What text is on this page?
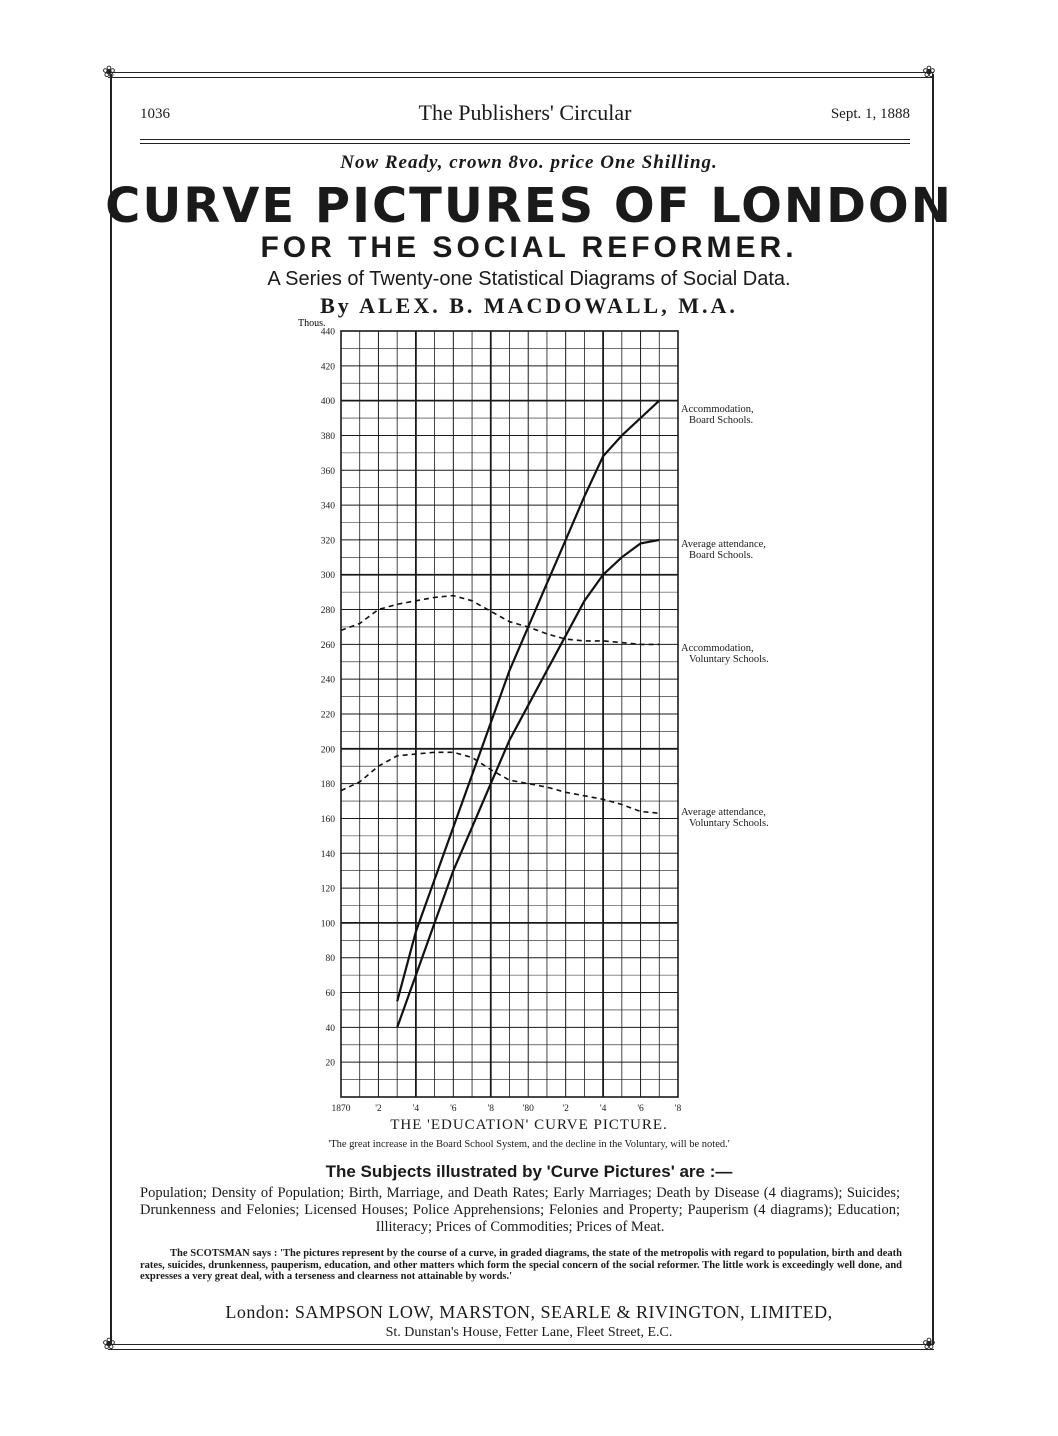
❀	❀
❀	❀
1036	The Publishers' Circular	Sept. 1, 1888
Now Ready, crown 8vo. price One Shilling.
CURVE PICTURES OF LONDON
FOR THE SOCIAL REFORMER.
A Series of Twenty-one Statistical Diagrams of Social Data.
By ALEX. B. MACDOWALL, M.A.
20
40
60
80
100
120
140
160
180
200
220
240
260
280
300
320
340
360
380
400
420
440
1870	'2	'4	'6	'8	'80	'2	'4	'6	'8
Thous.
Accommodation,
Board Schools.
Average attendance,
Board Schools.
Accommodation,
Voluntary Schools.
Average attendance,
Voluntary Schools.
THE 'EDUCATION' CURVE PICTURE.
'The great increase in the Board School System, and the decline in the Voluntary, will be noted.'
The Subjects illustrated by 'Curve Pictures' are :—
Population; Density of Population; Birth, Marriage, and Death Rates; Early Marriages; Death by Disease (4 diagrams); Suicides; Drunkenness and Felonies; Licensed Houses; Police Apprehensions; Felonies and Property; Pauperism (4 diagrams); Education; Illiteracy; Prices of Commodities; Prices of Meat.
The SCOTSMAN says : 'The pictures represent by the course of a curve, in graded diagrams, the state of the metropolis with regard to population, birth and death rates, suicides, drunkenness, pauperism, education, and other matters which form the special concern of the social reformer. The little work is exceedingly well done, and expresses a very great deal, with a terseness and clearness not attainable by words.'
London: SAMPSON LOW, MARSTON, SEARLE & RIVINGTON, LIMITED,
St. Dunstan's House, Fetter Lane, Fleet Street, E.C.
